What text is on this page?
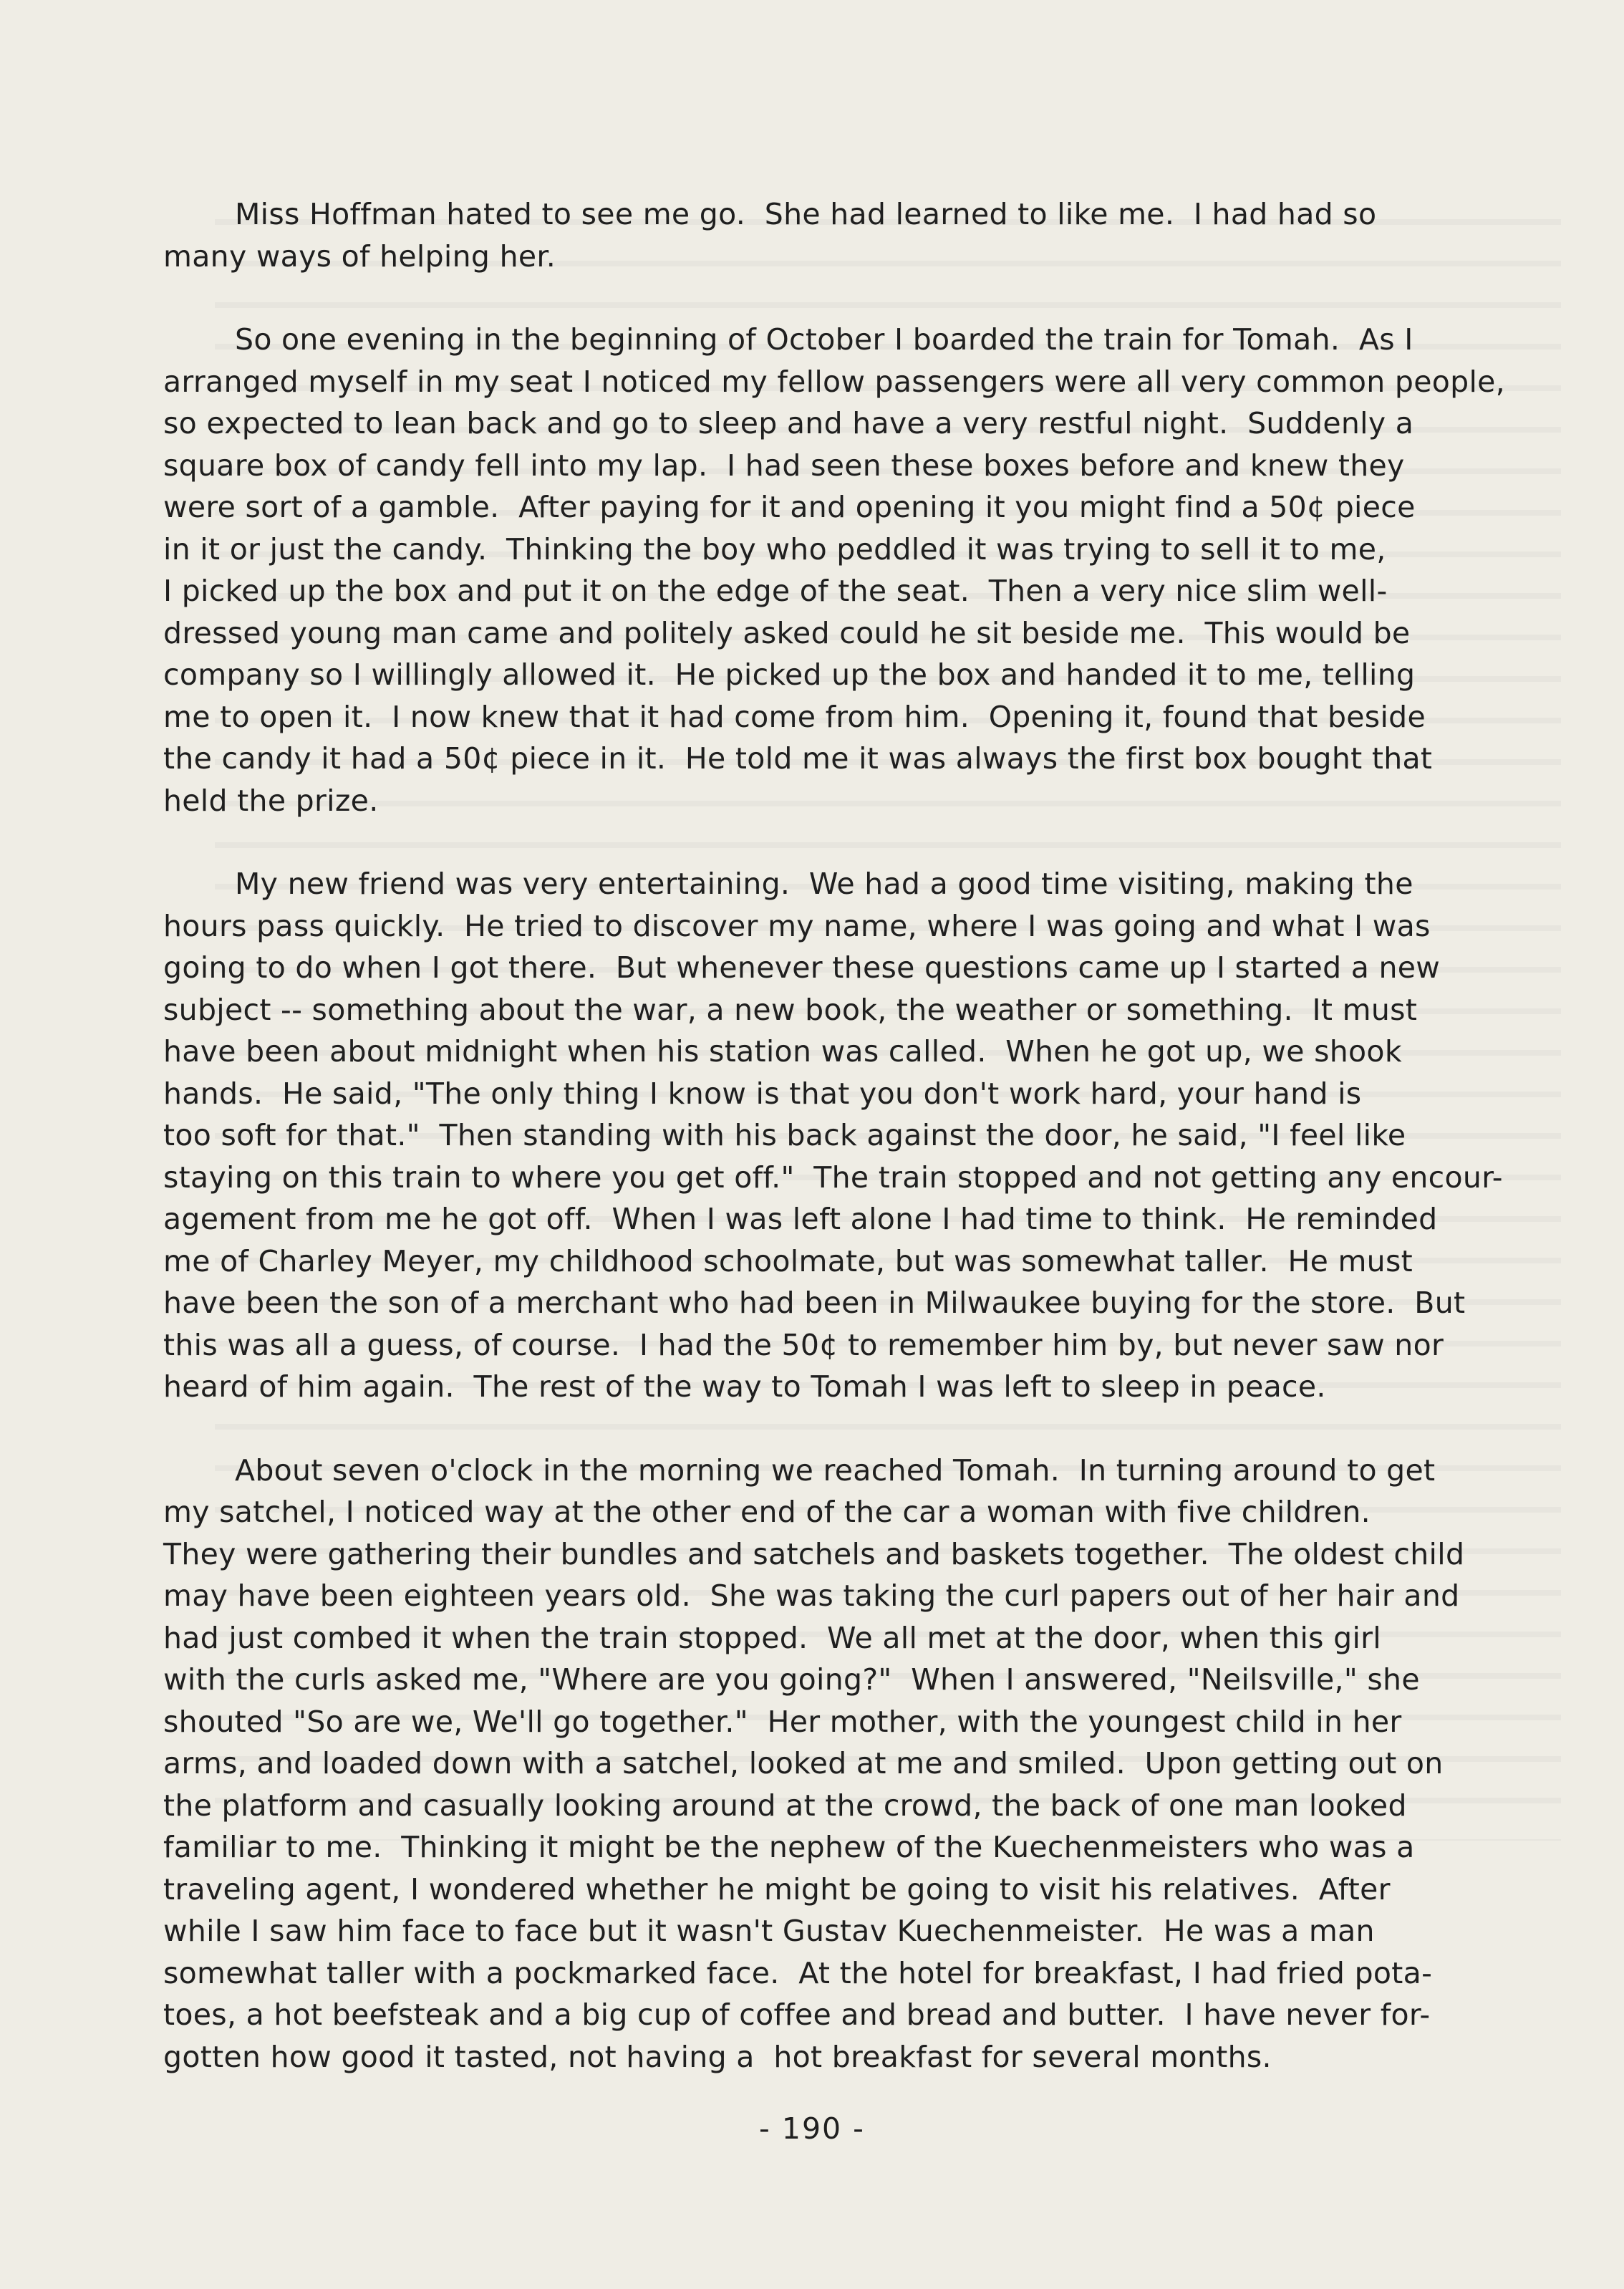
Miss Hoffman hated to see me go.  She had learned to like me.  I had had so
many ways of helping her.
So one evening in the beginning of October I boarded the train for Tomah.  As I
arranged myself in my seat I noticed my fellow passengers were all very common people,
so expected to lean back and go to sleep and have a very restful night.  Suddenly a
square box of candy fell into my lap.  I had seen these boxes before and knew they
were sort of a gamble.  After paying for it and opening it you might find a 50¢ piece
in it or just the candy.  Thinking the boy who peddled it was trying to sell it to me,
I picked up the box and put it on the edge of the seat.  Then a very nice slim well-
dressed young man came and politely asked could he sit beside me.  This would be
company so I willingly allowed it.  He picked up the box and handed it to me, telling
me to open it.  I now knew that it had come from him.  Opening it, found that beside
the candy it had a 50¢ piece in it.  He told me it was always the first box bought that
held the prize.
My new friend was very entertaining.  We had a good time visiting, making the
hours pass quickly.  He tried to discover my name, where I was going and what I was
going to do when I got there.  But whenever these questions came up I started a new
subject -- something about the war, a new book, the weather or something.  It must
have been about midnight when his station was called.  When he got up, we shook
hands.  He said, "The only thing I know is that you don't work hard, your hand is
too soft for that."  Then standing with his back against the door, he said, "I feel like
staying on this train to where you get off."  The train stopped and not getting any encour-
agement from me he got off.  When I was left alone I had time to think.  He reminded
me of Charley Meyer, my childhood schoolmate, but was somewhat taller.  He must
have been the son of a merchant who had been in Milwaukee buying for the store.  But
this was all a guess, of course.  I had the 50¢ to remember him by, but never saw nor
heard of him again.  The rest of the way to Tomah I was left to sleep in peace.
About seven o'clock in the morning we reached Tomah.  In turning around to get
my satchel, I noticed way at the other end of the car a woman with five children.
They were gathering their bundles and satchels and baskets together.  The oldest child
may have been eighteen years old.  She was taking the curl papers out of her hair and
had just combed it when the train stopped.  We all met at the door, when this girl
with the curls asked me, "Where are you going?"  When I answered, "Neilsville," she
shouted "So are we, We'll go together."  Her mother, with the youngest child in her
arms, and loaded down with a satchel, looked at me and smiled.  Upon getting out on
the platform and casually looking around at the crowd, the back of one man looked
familiar to me.  Thinking it might be the nephew of the Kuechenmeisters who was a
traveling agent, I wondered whether he might be going to visit his relatives.  After
while I saw him face to face but it wasn't Gustav Kuechenmeister.  He was a man
somewhat taller with a pockmarked face.  At the hotel for breakfast, I had fried pota-
toes, a hot beefsteak and a big cup of coffee and bread and butter.  I have never for-
gotten how good it tasted, not having a  hot breakfast for several months.
- 190 -
